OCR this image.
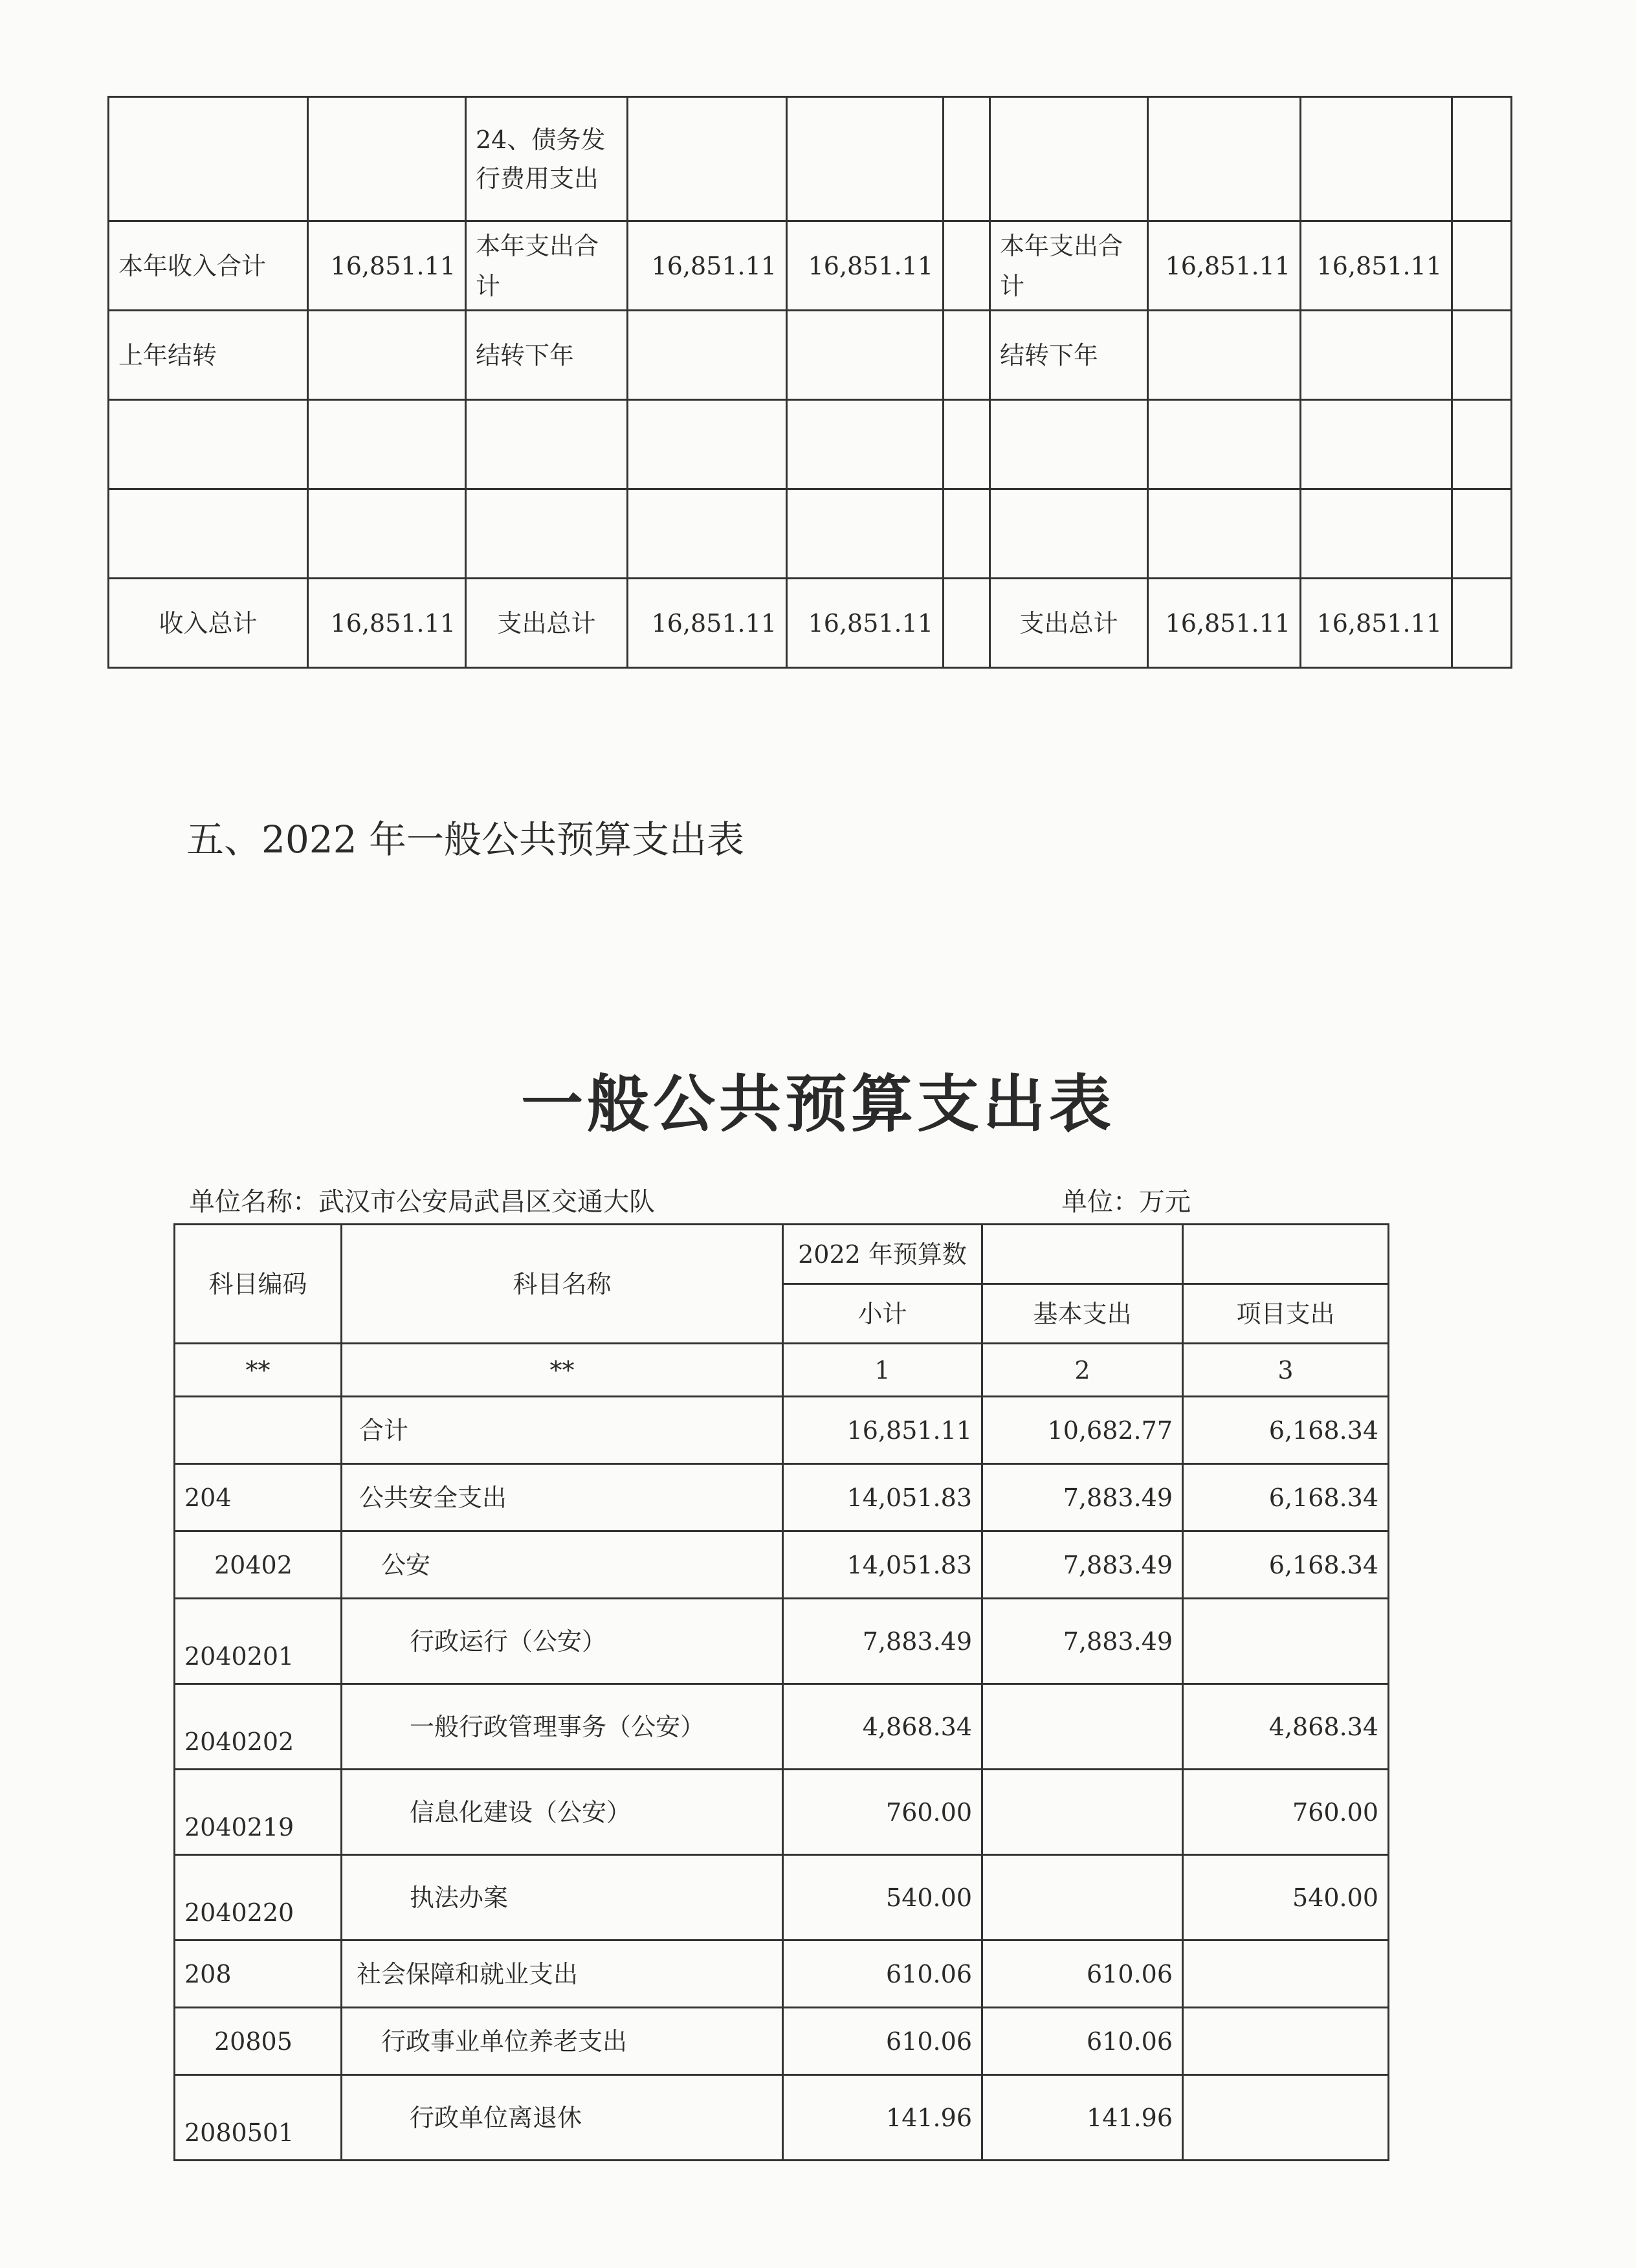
		24、债务发行费用支出							
本年收入合计	16,851.11	本年支出合计	16,851.11	16,851.11		本年支出合计	16,851.11	16,851.11	
上年结转		结转下年				结转下年			

收入总计	16,851.11	支出总计	16,851.11	16,851.11		支出总计	16,851.11	16,851.11	
五、2022 年一般公共预算支出表
一般公共预算支出表
单位名称：武汉市公安局武昌区交通大队	单位：万元
科目编码	科目名称	2022 年预算数		
		小计	基本支出	项目支出
**	**	1	2	3
	合计	16,851.11	10,682.77	6,168.34
204	公共安全支出	14,051.83	7,883.49	6,168.34
20402	公安	14,051.83	7,883.49	6,168.34
2040201	行政运行（公安）	7,883.49	7,883.49	
2040202	一般行政管理事务（公安）	4,868.34		4,868.34
2040219	信息化建设（公安）	760.00		760.00
2040220	执法办案	540.00		540.00
208	社会保障和就业支出	610.06	610.06	
20805	行政事业单位养老支出	610.06	610.06	
2080501	行政单位离退休	141.96	141.96	
